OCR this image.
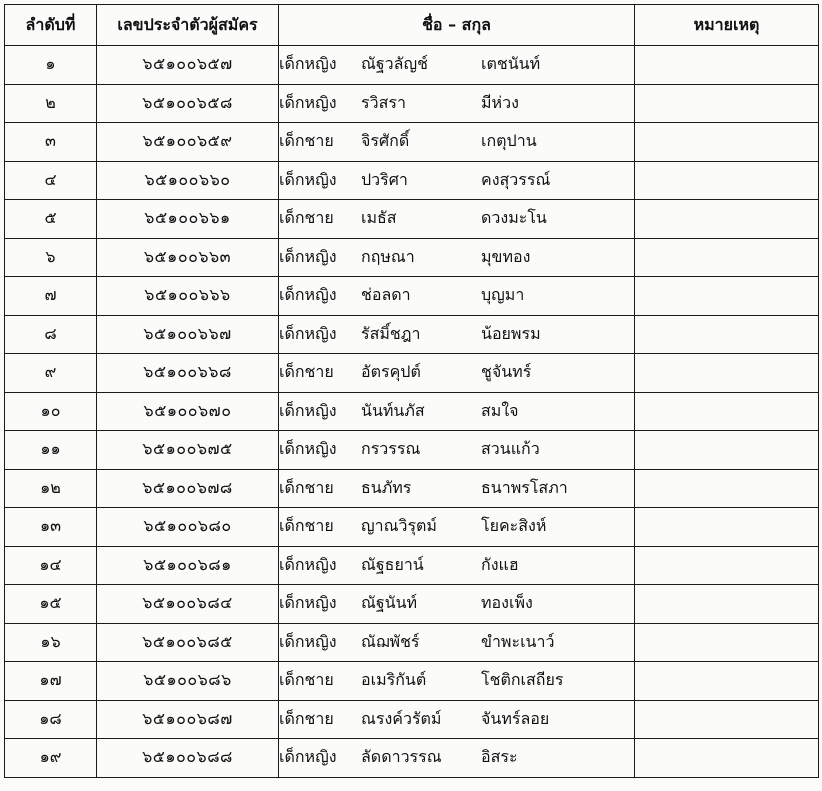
ลำดับที่	เลขประจำตัวผู้สมัคร	ชื่อ – สกุล	หมายเหตุ
๑	๖๕๑๐๐๖๕๗	เด็กหญิง ณัฐวลัญช์ เตชนันท์	
๒	๖๕๑๐๐๖๕๘	เด็กหญิง รวิสรา มีห่วง	
๓	๖๕๑๐๐๖๕๙	เด็กชาย จิรศักดิ์ เกตุปาน	
๔	๖๕๑๐๐๖๖๐	เด็กหญิง ปวริศา คงสุวรรณ์	
๕	๖๕๑๐๐๖๖๑	เด็กชาย เมธัส ดวงมะโน	
๖	๖๕๑๐๐๖๖๓	เด็กหญิง กฤษณา มุขทอง	
๗	๖๕๑๐๐๖๖๖	เด็กหญิง ช่อลดา บุญมา	
๘	๖๕๑๐๐๖๖๗	เด็กหญิง รัสมิ์ชฎา น้อยพรม	
๙	๖๕๑๐๐๖๖๘	เด็กชาย อัตรคุปต์ ชูจันทร์	
๑๐	๖๕๑๐๐๖๗๐	เด็กหญิง นันท์นภัส สมใจ	
๑๑	๖๕๑๐๐๖๗๕	เด็กหญิง กรวรรณ สวนแก้ว	
๑๒	๖๕๑๐๐๖๗๘	เด็กชาย ธนภัทร ธนาพรโสภา	
๑๓	๖๕๑๐๐๖๘๐	เด็กชาย ญาณวิรุตม์ โยคะสิงห์	
๑๔	๖๕๑๐๐๖๘๑	เด็กหญิง ณัฐธยาน์ กังแฮ	
๑๕	๖๕๑๐๐๖๘๔	เด็กหญิง ณัฐนันท์ ทองเพ็ง	
๑๖	๖๕๑๐๐๖๘๕	เด็กหญิง ณัฌพัชร์ ขำพะเนาว์	
๑๗	๖๕๑๐๐๖๘๖	เด็กชาย อเมริกันต์ โชติกเสถียร	
๑๘	๖๕๑๐๐๖๘๗	เด็กชาย ณรงค์วรัตม์ จันทร์ลอย	
๑๙	๖๕๑๐๐๖๘๘	เด็กหญิง ลัดดาวรรณ อิสระ	
